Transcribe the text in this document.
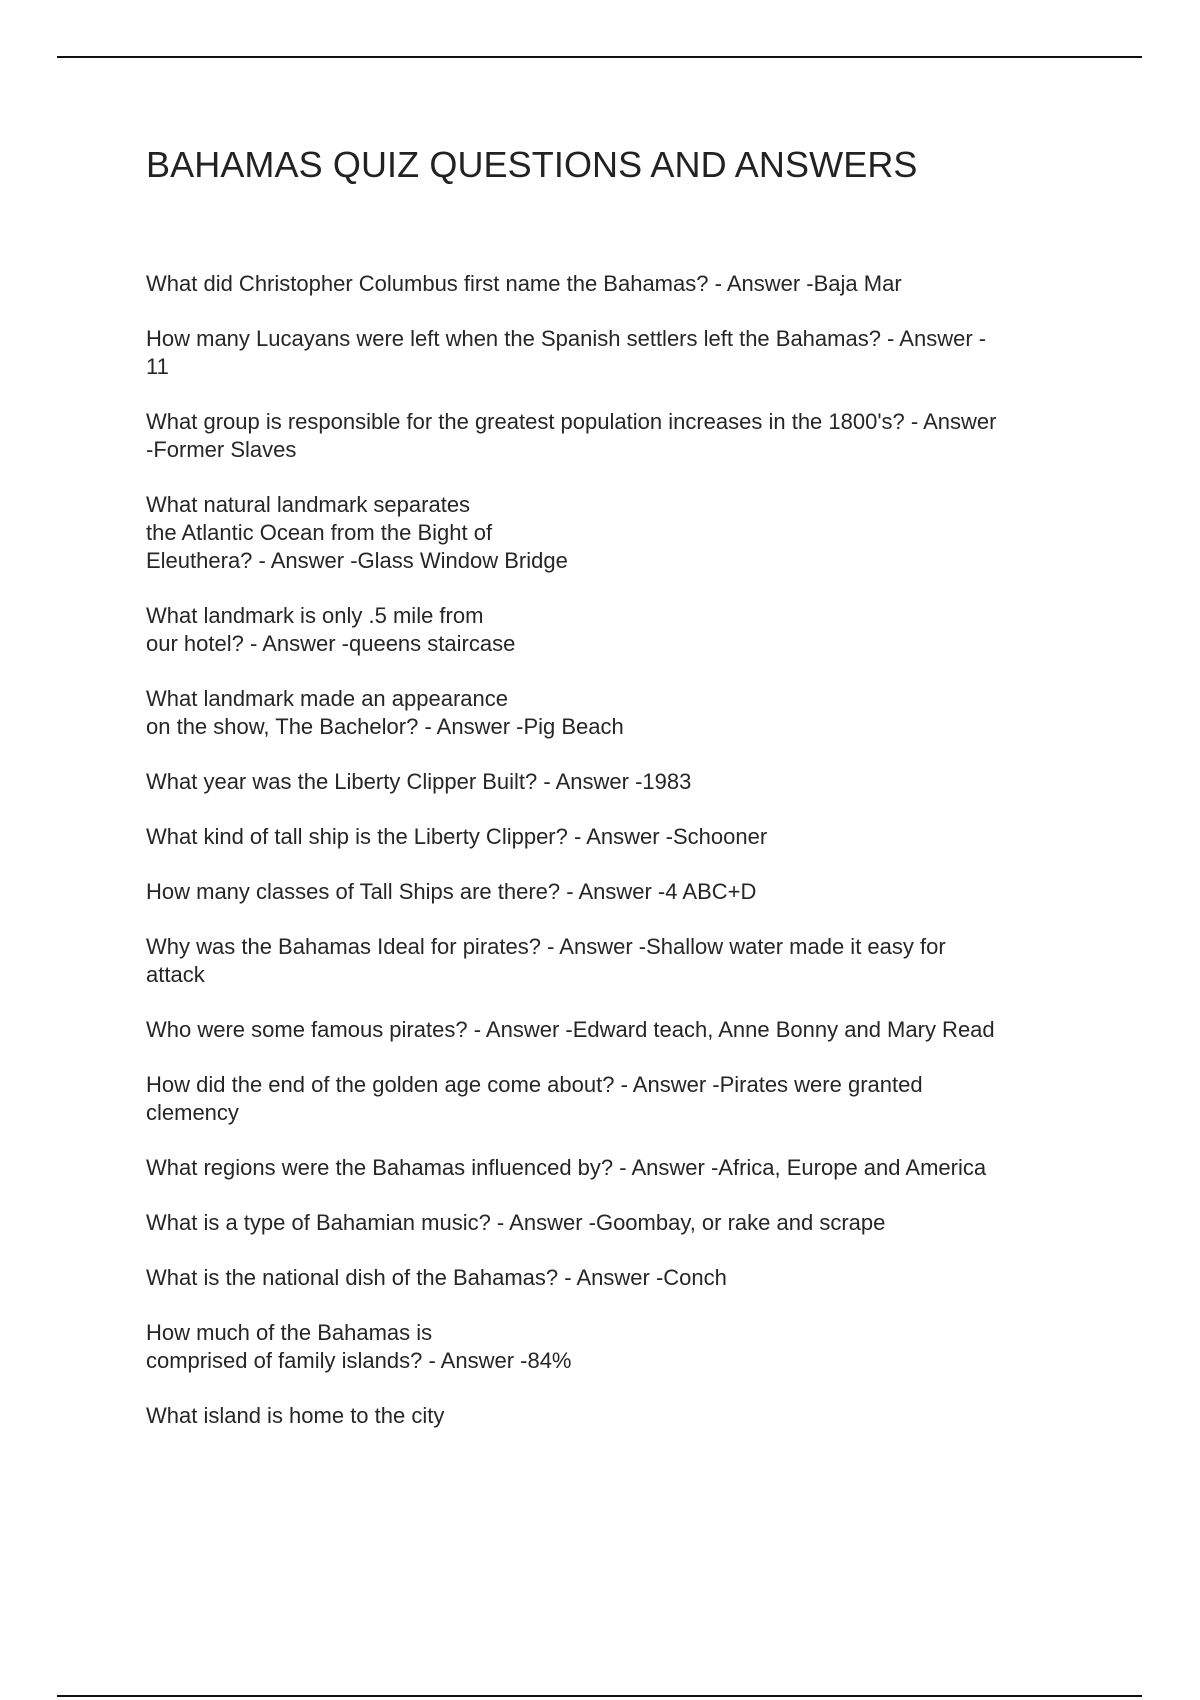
BAHAMAS QUIZ QUESTIONS AND ANSWERS
What did Christopher Columbus first name the Bahamas? - Answer -Baja Mar
How many Lucayans were left when the Spanish settlers left the Bahamas? - Answer -
11
What group is responsible for the greatest population increases in the 1800's? - Answer
-Former Slaves
What natural landmark separates
the Atlantic Ocean from the Bight of
Eleuthera? - Answer -Glass Window Bridge
What landmark is only .5 mile from
our hotel? - Answer -queens staircase
What landmark made an appearance
on the show, The Bachelor? - Answer -Pig Beach
What year was the Liberty Clipper Built? - Answer -1983
What kind of tall ship is the Liberty Clipper? - Answer -Schooner
How many classes of Tall Ships are there? - Answer -4 ABC+D
Why was the Bahamas Ideal for pirates? - Answer -Shallow water made it easy for
attack
Who were some famous pirates? - Answer -Edward teach, Anne Bonny and Mary Read
How did the end of the golden age come about? - Answer -Pirates were granted
clemency
What regions were the Bahamas influenced by? - Answer -Africa, Europe and America
What is a type of Bahamian music? - Answer -Goombay, or rake and scrape
What is the national dish of the Bahamas? - Answer -Conch
How much of the Bahamas is
comprised of family islands? - Answer -84%
What island is home to the city
